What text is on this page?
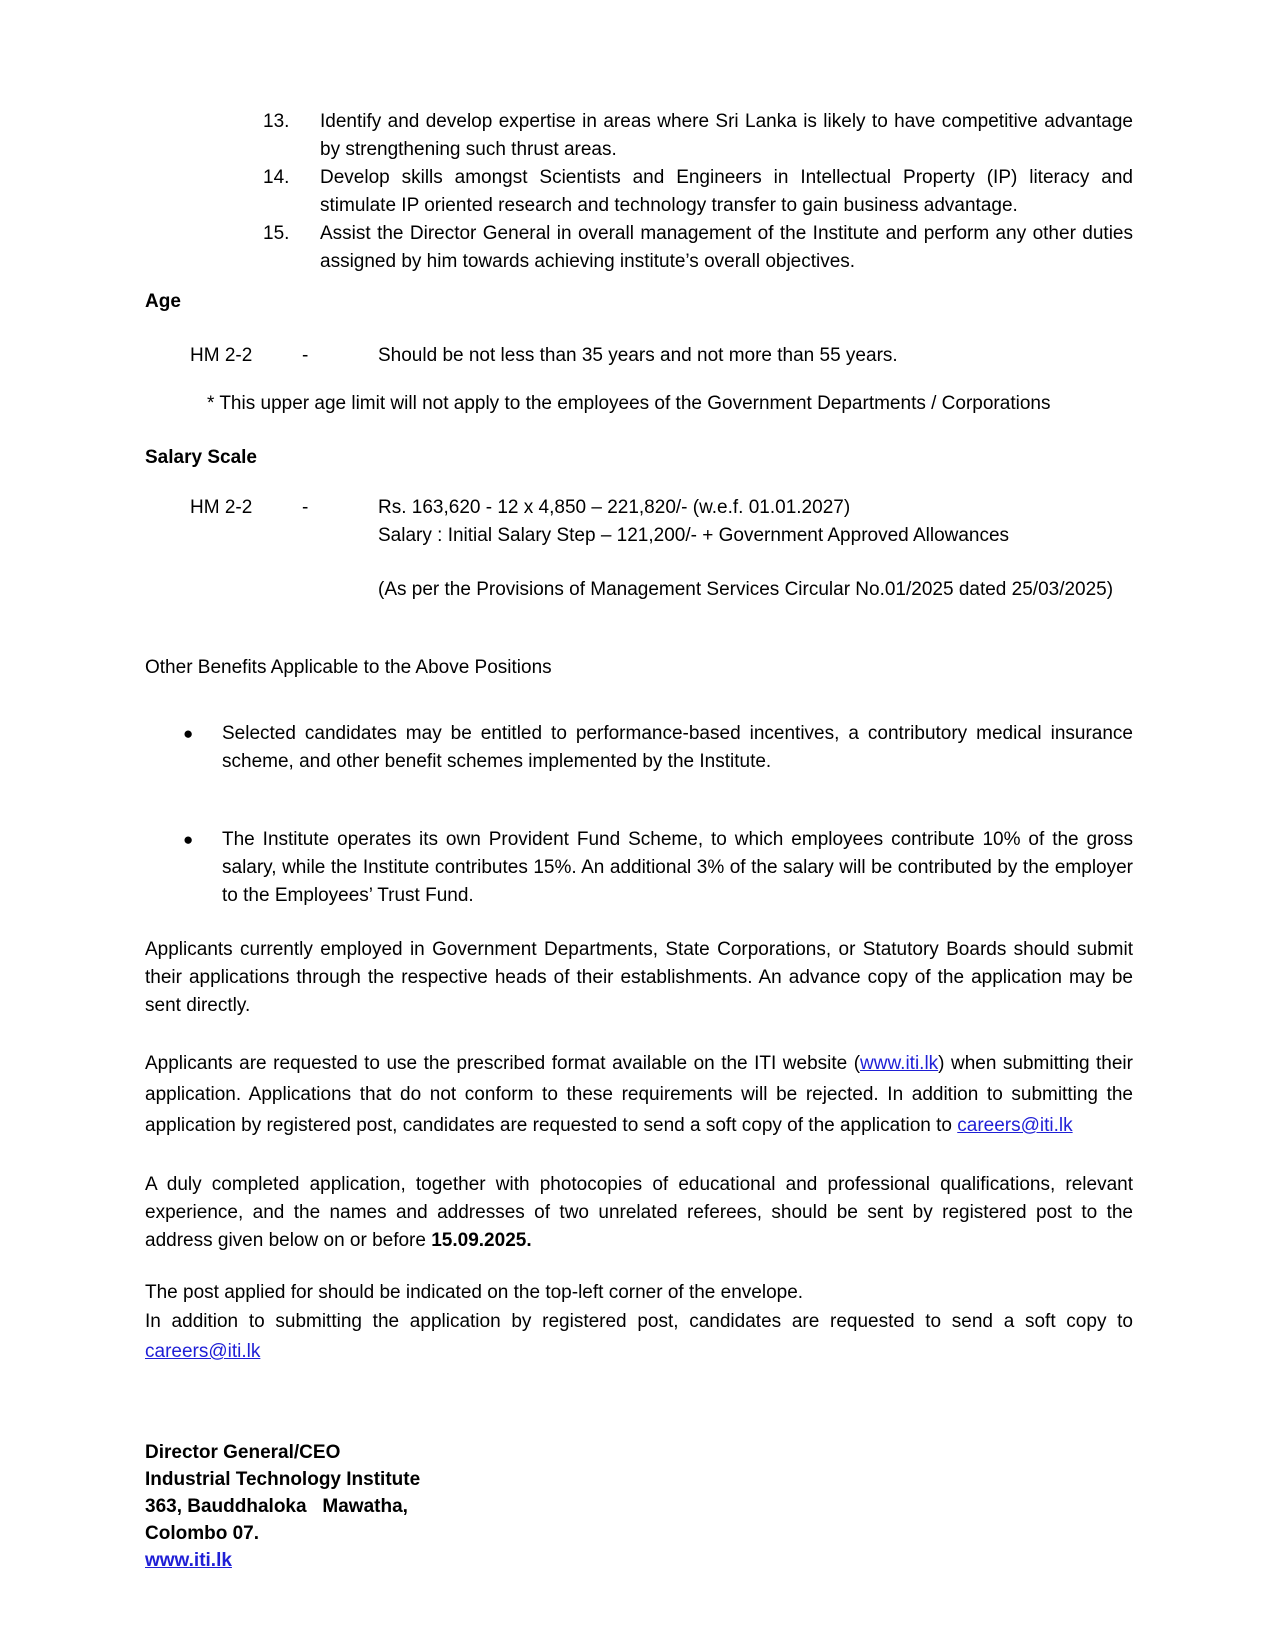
13.	Identify and develop expertise in areas where Sri Lanka is likely to have competitive advantage by strengthening such thrust areas.
14.	Develop skills amongst Scientists and Engineers in Intellectual Property (IP) literacy and stimulate IP oriented research and technology transfer to gain business advantage.
15.	Assist the Director General in overall management of the Institute and perform any other duties assigned by him towards achieving institute’s overall objectives.
Age
HM 2-2	-	Should be not less than 35 years and not more than 55 years.
* This upper age limit will not apply to the employees of the Government Departments / Corporations
Salary Scale
HM 2-2	-	Rs. 163,620 - 12 x 4,850 – 221,820/- (w.e.f. 01.01.2027)
Salary : Initial Salary Step – 121,200/- + Government Approved Allowances
(As per the Provisions of Management Services Circular No.01/2025 dated 25/03/2025)
Other Benefits Applicable to the Above Positions
●	Selected candidates may be entitled to performance-based incentives, a contributory medical insurance scheme, and other benefit schemes implemented by the Institute.
●	The Institute operates its own Provident Fund Scheme, to which employees contribute 10% of the gross salary, while the Institute contributes 15%. An additional 3% of the salary will be contributed by the employer to the Employees’ Trust Fund.
Applicants currently employed in Government Departments, State Corporations, or Statutory Boards should submit their applications through the respective heads of their establishments. An advance copy of the application may be sent directly.
Applicants are requested to use the prescribed format available on the ITI website (www.iti.lk) when submitting their application. Applications that do not conform to these requirements will be rejected. In addition to submitting the application by registered post, candidates are requested to send a soft copy of the application to careers@iti.lk
A duly completed application, together with photocopies of educational and professional qualifications, relevant experience, and the names and addresses of two unrelated referees, should be sent by registered post to the address given below on or before 15.09.2025.
The post applied for should be indicated on the top-left corner of the envelope.
In addition to submitting the application by registered post, candidates are requested to send a soft copy to careers@iti.lk
Director General/CEO
Industrial Technology Institute
363, Bauddhaloka   Mawatha,
Colombo 07.
www.iti.lk
